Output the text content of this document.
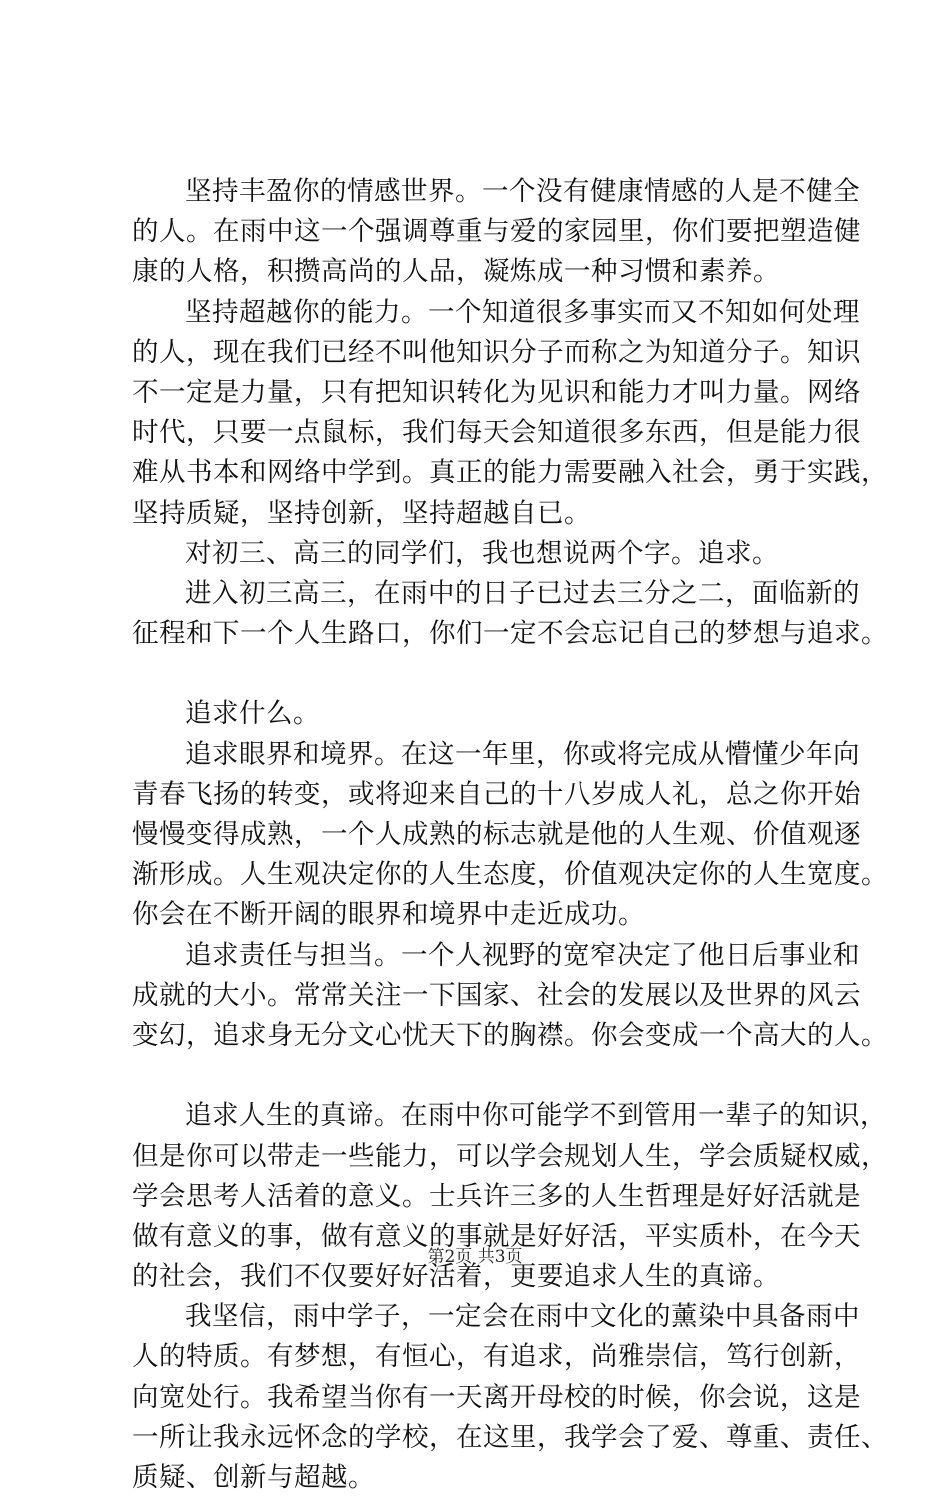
坚持丰盈你的情感世界。一个没有健康情感的人是不健全
的人。在雨中这一个强调尊重与爱的家园里，你们要把塑造健
康的人格，积攒高尚的人品，凝炼成一种习惯和素养。
坚持超越你的能力。一个知道很多事实而又不知如何处理
的人，现在我们已经不叫他知识分子而称之为知道分子。知识
不一定是力量，只有把知识转化为见识和能力才叫力量。网络
时代，只要一点鼠标，我们每天会知道很多东西，但是能力很
难从书本和网络中学到。真正的能力需要融入社会，勇于实践，
坚持质疑，坚持创新，坚持超越自已。
对初三、高三的同学们，我也想说两个字。追求。
进入初三高三，在雨中的日子已过去三分之二，面临新的
征程和下一个人生路口，你们一定不会忘记自己的梦想与追求。
追求什么。
追求眼界和境界。在这一年里，你或将完成从懵懂少年向
青春飞扬的转变，或将迎来自己的十八岁成人礼，总之你开始
慢慢变得成熟，一个人成熟的标志就是他的人生观、价值观逐
渐形成。人生观决定你的人生态度，价值观决定你的人生宽度。
你会在不断开阔的眼界和境界中走近成功。
追求责任与担当。一个人视野的宽窄决定了他日后事业和
成就的大小。常常关注一下国家、社会的发展以及世界的风云
变幻，追求身无分文心忧天下的胸襟。你会变成一个高大的人。
追求人生的真谛。在雨中你可能学不到管用一辈子的知识，
但是你可以带走一些能力，可以学会规划人生，学会质疑权威，
学会思考人活着的意义。士兵许三多的人生哲理是好好活就是
做有意义的事，做有意义的事就是好好活，平实质朴，在今天
的社会，我们不仅要好好活着，更要追求人生的真谛。
我坚信，雨中学子，一定会在雨中文化的薰染中具备雨中
人的特质。有梦想，有恒心，有追求，尚雅崇信，笃行创新，
向宽处行。我希望当你有一天离开母校的时候，你会说，这是
一所让我永远怀念的学校，在这里，我学会了爱、尊重、责任、
质疑、创新与超越。
第2页 共3页
